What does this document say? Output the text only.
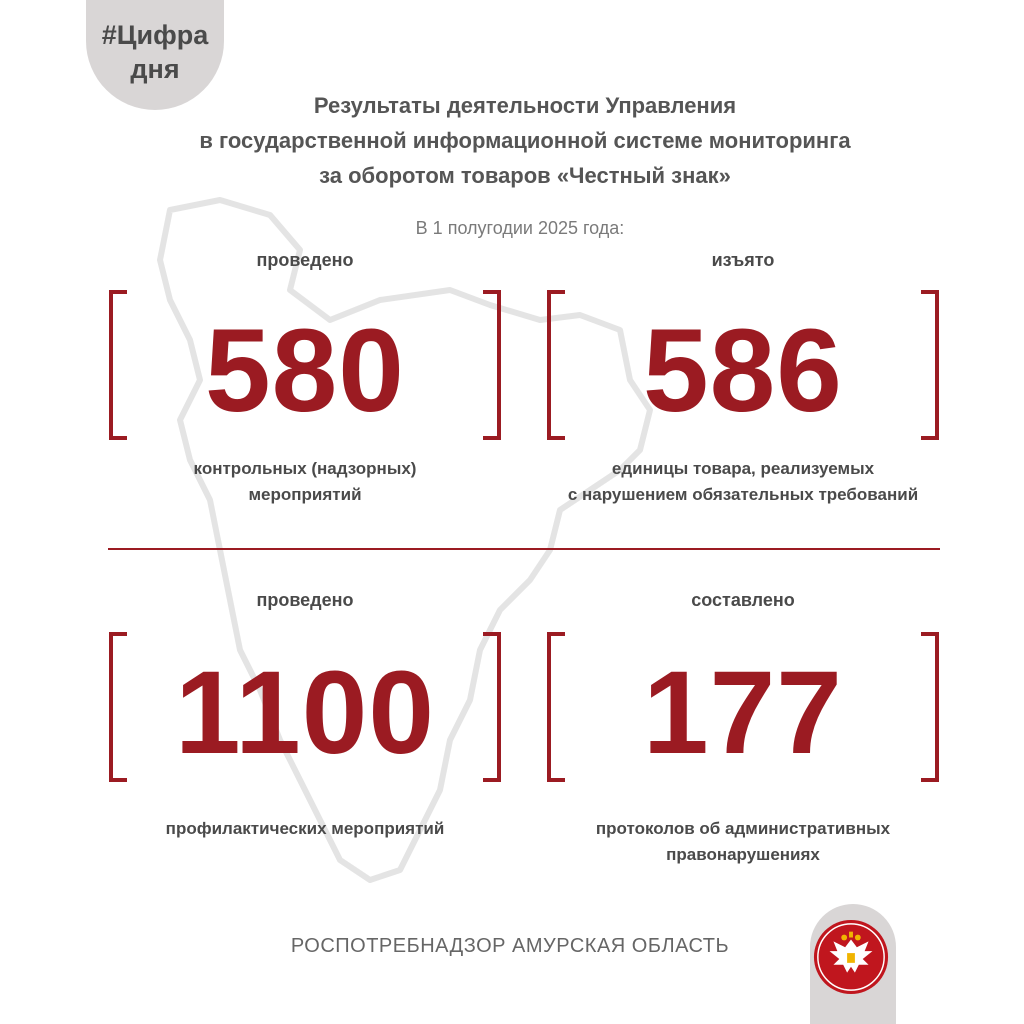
#Цифра
дня
Результаты деятельности Управления
в государственной информационной системе мониторинга
за оборотом товаров «Честный знак»
В 1 полугодии 2025 года:
проведено
580
контрольных (надзорных)
мероприятий
изъято
586
единицы товара, реализуемых
с нарушением обязательных требований
проведено
1100
профилактических мероприятий
составлено
177
протоколов об административных
правонарушениях
РОСПОТРЕБНАДЗОР АМУРСКАЯ ОБЛАСТЬ
